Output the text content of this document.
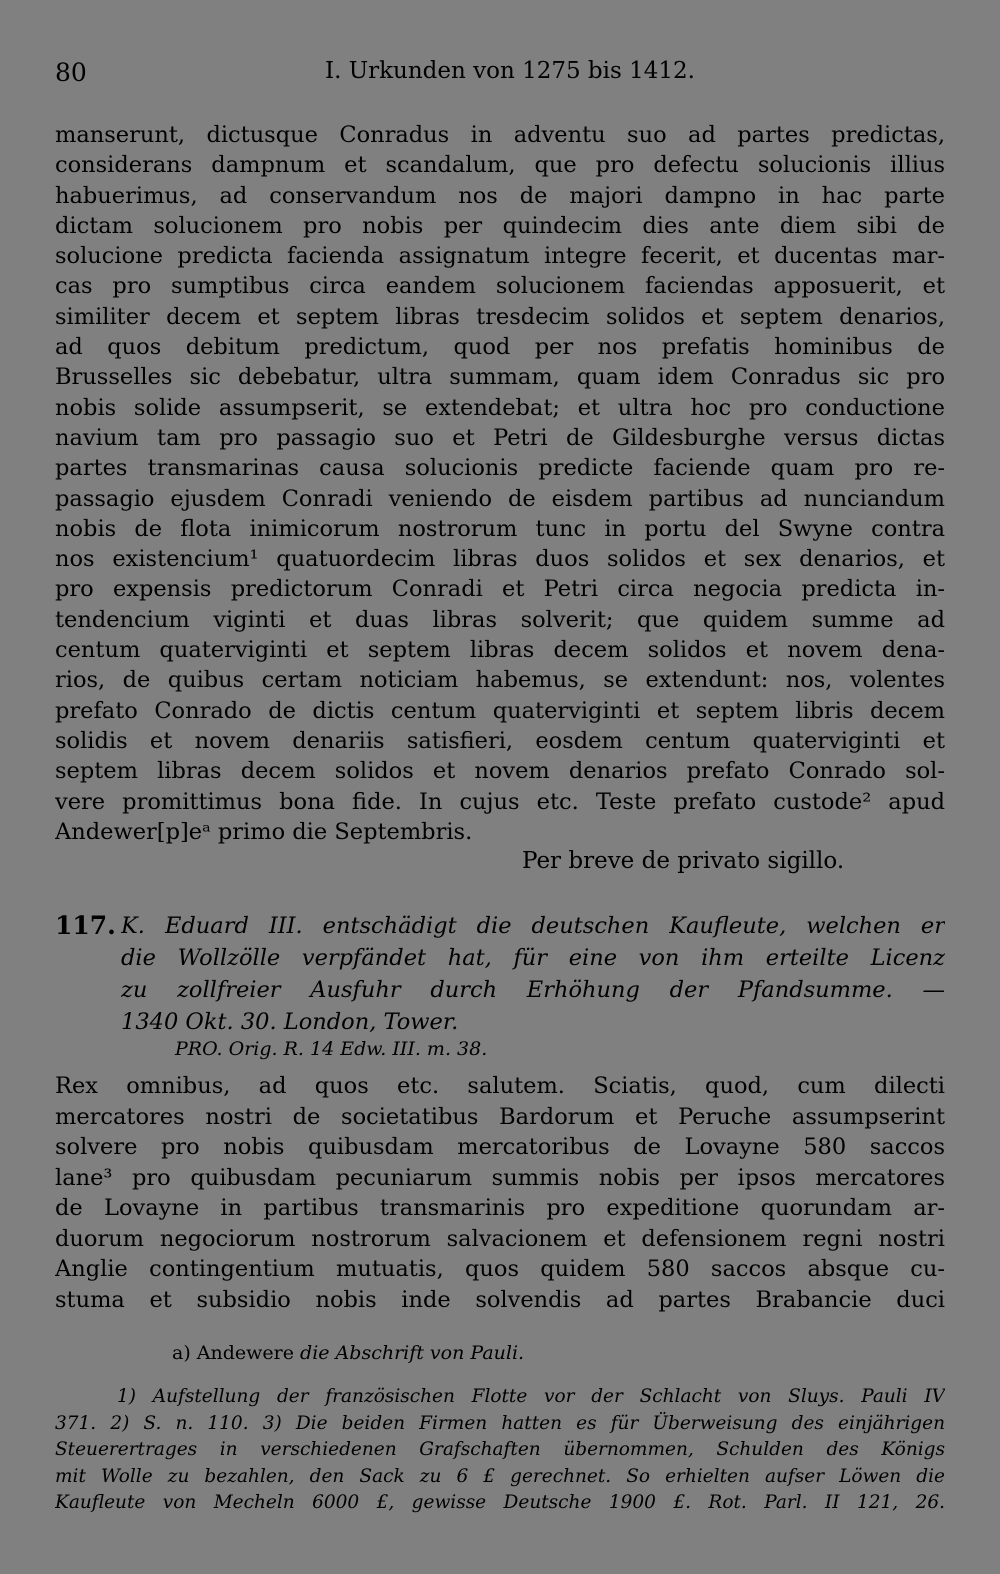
80	I. Urkunden von 1275 bis 1412.
manserunt, dictusque Conradus in adventu suo ad partes predictas,
considerans dampnum et scandalum, que pro defectu solucionis illius
habuerimus, ad conservandum nos de majori dampno in hac parte
dictam solucionem pro nobis per quindecim dies ante diem sibi de
solucione predicta facienda assignatum integre fecerit, et ducentas mar-
cas pro sumptibus circa eandem solucionem faciendas apposuerit, et
similiter decem et septem libras tresdecim solidos et septem denarios,
ad quos debitum predictum, quod per nos prefatis hominibus de
Brusselles sic debebatur, ultra summam, quam idem Conradus sic pro
nobis solide assumpserit, se extendebat; et ultra hoc pro conductione
navium tam pro passagio suo et Petri de Gildesburghe versus dictas
partes transmarinas causa solucionis predicte faciende quam pro re-
passagio ejusdem Conradi veniendo de eisdem partibus ad nunciandum
nobis de flota inimicorum nostrorum tunc in portu del Swyne contra
nos existencium¹ quatuordecim libras duos solidos et sex denarios, et
pro expensis predictorum Conradi et Petri circa negocia predicta in-
tendencium viginti et duas libras solverit; que quidem summe ad
centum quaterviginti et septem libras decem solidos et novem dena-
rios, de quibus certam noticiam habemus, se extendunt: nos, volentes
prefato Conrado de dictis centum quaterviginti et septem libris decem
solidis et novem denariis satisfieri, eosdem centum quaterviginti et
septem libras decem solidos et novem denarios prefato Conrado sol-
vere promittimus bona fide. In cujus etc. Teste prefato custode² apud
Andewer[p]eᵃ primo die Septembris.
Per breve de privato sigillo.
117. K. Eduard III. entschädigt die deutschen Kaufleute, welchen er
die Wollzölle verpfändet hat, für eine von ihm erteilte Licenz
zu zollfreier Ausfuhr durch Erhöhung der Pfandsumme. —
1340 Okt. 30. London, Tower.
PRO. Orig. R. 14 Edw. III. m. 38.
Rex omnibus, ad quos etc. salutem. Sciatis, quod, cum dilecti
mercatores nostri de societatibus Bardorum et Peruche assumpserint
solvere pro nobis quibusdam mercatoribus de Lovayne 580 saccos
lane³ pro quibusdam pecuniarum summis nobis per ipsos mercatores
de Lovayne in partibus transmarinis pro expeditione quorundam ar-
duorum negociorum nostrorum salvacionem et defensionem regni nostri
Anglie contingentium mutuatis, quos quidem 580 saccos absque cu-
stuma et subsidio nobis inde solvendis ad partes Brabancie duci
a) Andewere die Abschrift von Pauli.
1) Aufstellung der französischen Flotte vor der Schlacht von Sluys. Pauli IV
371. 2) S. n. 110. 3) Die beiden Firmen hatten es für Überweisung des einjährigen
Steuerertrages in verschiedenen Grafschaften übernommen, Schulden des Königs
mit Wolle zu bezahlen, den Sack zu 6 £ gerechnet. So erhielten aufser Löwen die
Kaufleute von Mecheln 6000 £, gewisse Deutsche 1900 £. Rot. Parl. II 121, 26.
